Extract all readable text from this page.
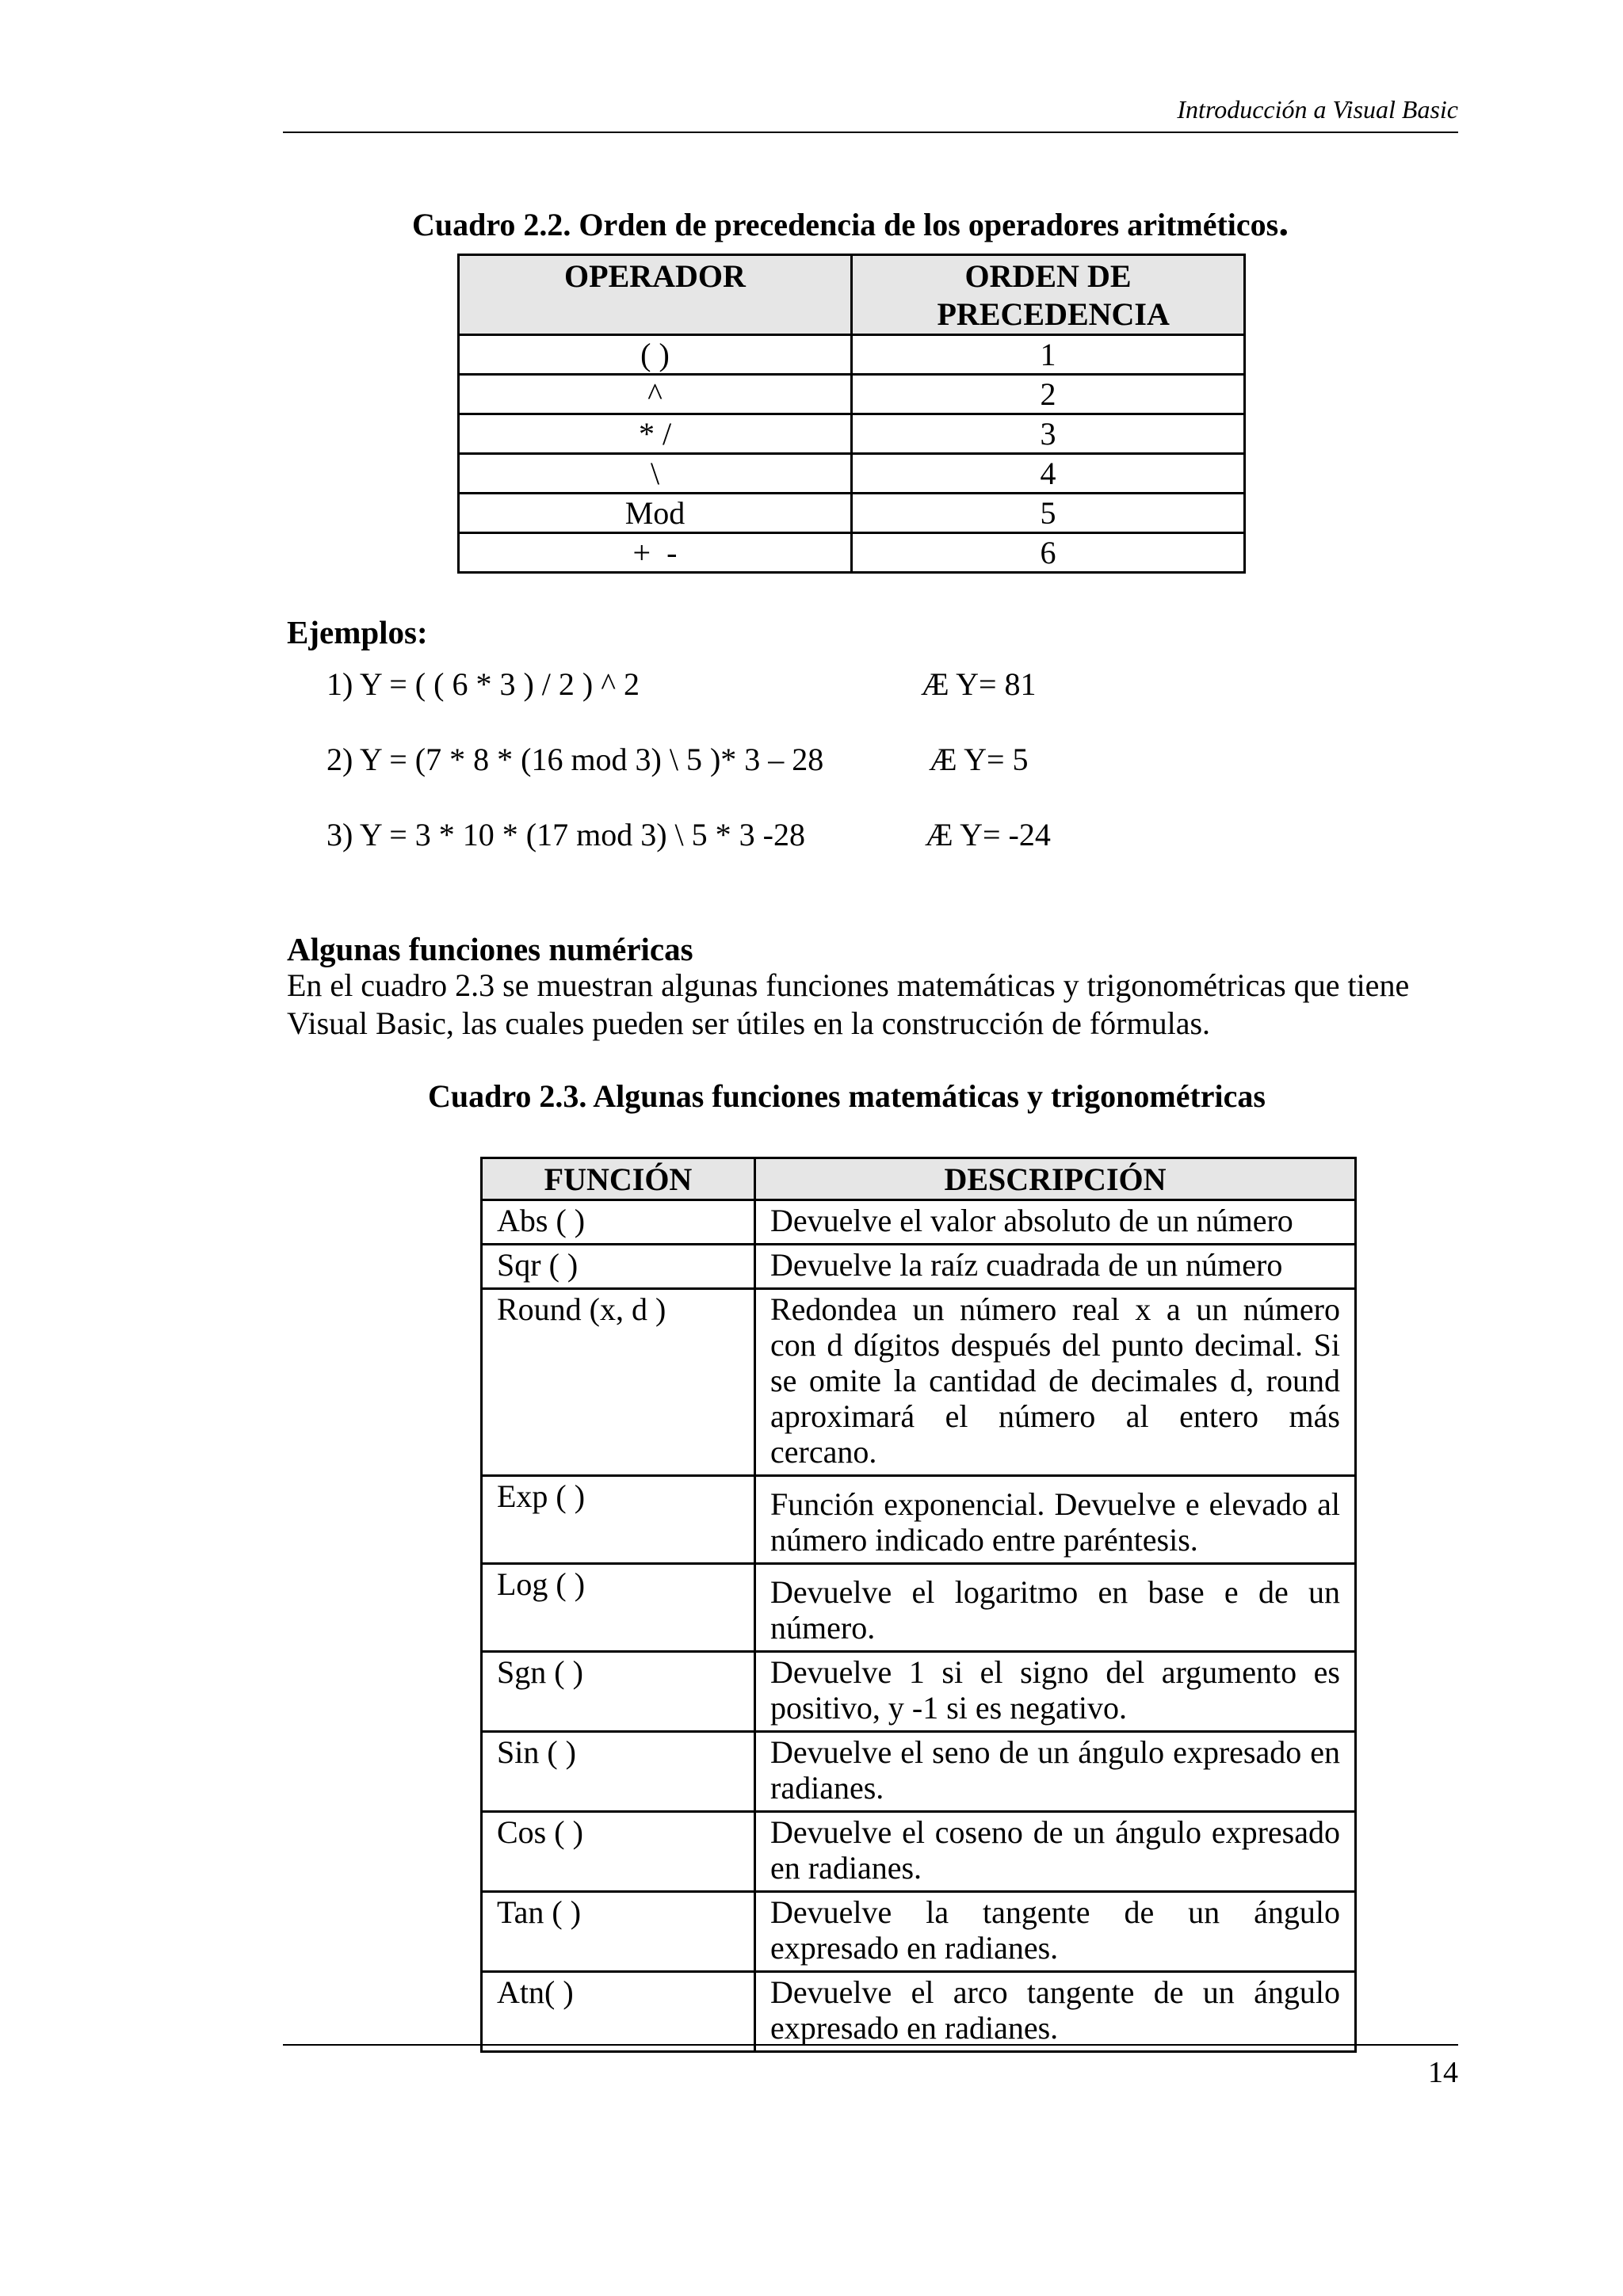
Introducción a Visual Basic
Cuadro 2.2. Orden de precedencia de los operadores aritméticos.
OPERADOR	ORDEN DE PRECEDENCIA

( )	1
^	2
* /	3
\	4
Mod	5
+  -	6
Ejemplos:
1) Y = ( ( 6 * 3 ) / 2 ) ^ 2	Æ Y= 81
2) Y = (7 * 8 * (16 mod 3) \ 5 )* 3 – 28	Æ Y= 5
3) Y = 3 * 10 * (17 mod 3) \ 5 * 3 -28	Æ Y= -24
Algunas funciones numéricas
En el cuadro 2.3 se muestran algunas funciones matemáticas y trigonométricas que tiene Visual Basic, las cuales pueden ser útiles en la construcción de fórmulas.
Cuadro 2.3. Algunas funciones matemáticas y trigonométricas
FUNCIÓN	DESCRIPCIÓN
Abs ( )	Devuelve el valor absoluto de un número
Sqr ( )	Devuelve la raíz cuadrada de un número
Round (x, d )	Redondea un número real x a un número con d dígitos después del punto decimal. Si se omite la cantidad de decimales d, round aproximará el número al entero más cercano.
Exp ( )	Función exponencial. Devuelve e elevado al número indicado entre paréntesis.
Log ( )	Devuelve el logaritmo en base e de un número.
Sgn ( )	Devuelve 1 si el signo del argumento es positivo, y -1 si es negativo.
Sin ( )	Devuelve el seno de un ángulo expresado en radianes.
Cos ( )	Devuelve el coseno de un ángulo expresado en radianes.
Tan ( )	Devuelve la tangente de un ángulo expresado en radianes.
Atn( )	Devuelve el arco tangente de un ángulo expresado en radianes.
14
